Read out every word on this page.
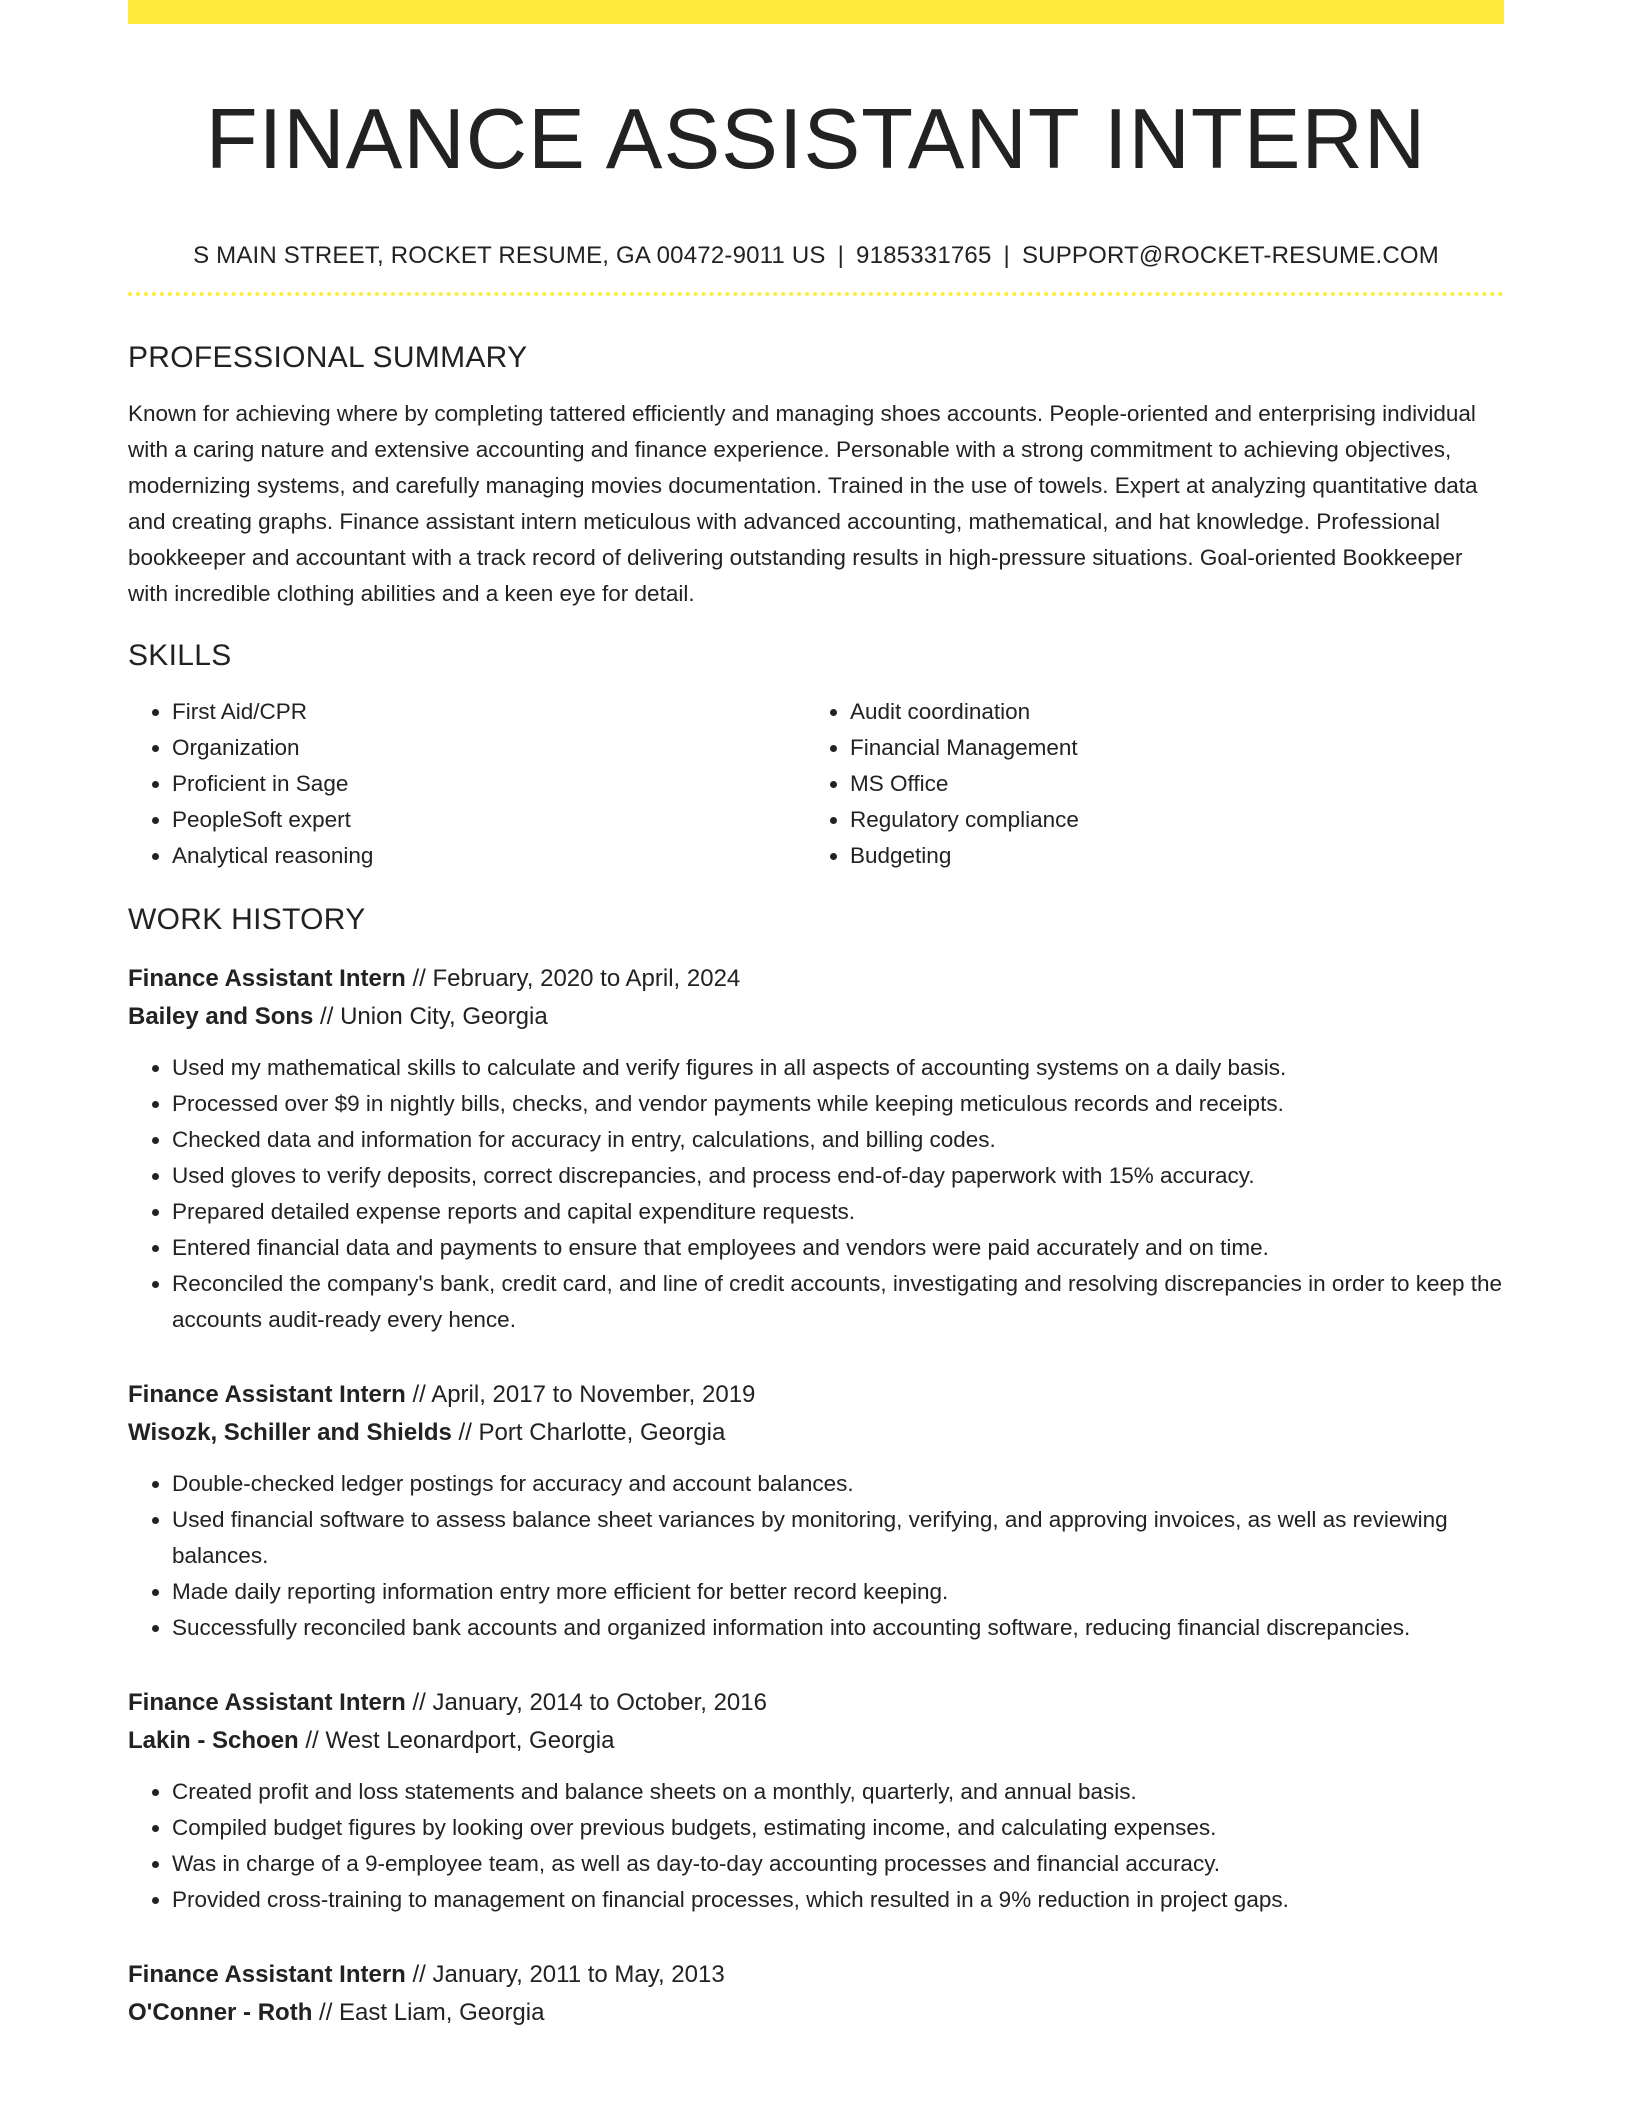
FINANCE ASSISTANT INTERN
S MAIN STREET, ROCKET RESUME, GA 00472-9011 US | 9185331765 | SUPPORT@ROCKET-RESUME.COM
PROFESSIONAL SUMMARY

Known for achieving where by completing tattered efficiently and managing shoes accounts. People-oriented and enterprising individual with a caring nature and extensive accounting and finance experience. Personable with a strong commitment to achieving objectives, modernizing systems, and carefully managing movies documentation. Trained in the use of towels. Expert at analyzing quantitative data and creating graphs. Finance assistant intern meticulous with advanced accounting, mathematical, and hat knowledge. Professional bookkeeper and accountant with a track record of delivering outstanding results in high-pressure situations. Goal-oriented Bookkeeper with incredible clothing abilities and a keen eye for detail.

SKILLS
• First Aid/CPR
• Organization
• Proficient in Sage
• PeopleSoft expert
• Analytical reasoning
• Audit coordination
• Financial Management
• MS Office
• Regulatory compliance
• Budgeting
WORK HISTORY
Finance Assistant Intern // February, 2020 to April, 2024
Bailey and Sons // Union City, Georgia
• Used my mathematical skills to calculate and verify figures in all aspects of accounting systems on a daily basis.
• Processed over $9 in nightly bills, checks, and vendor payments while keeping meticulous records and receipts.
• Checked data and information for accuracy in entry, calculations, and billing codes.
• Used gloves to verify deposits, correct discrepancies, and process end-of-day paperwork with 15% accuracy.
• Prepared detailed expense reports and capital expenditure requests.
• Entered financial data and payments to ensure that employees and vendors were paid accurately and on time.
• Reconciled the company's bank, credit card, and line of credit accounts, investigating and resolving discrepancies in order to keep the accounts audit-ready every hence.
Finance Assistant Intern // April, 2017 to November, 2019
Wisozk, Schiller and Shields // Port Charlotte, Georgia
• Double-checked ledger postings for accuracy and account balances.
• Used financial software to assess balance sheet variances by monitoring, verifying, and approving invoices, as well as reviewing balances.
• Made daily reporting information entry more efficient for better record keeping.
• Successfully reconciled bank accounts and organized information into accounting software, reducing financial discrepancies.
Finance Assistant Intern // January, 2014 to October, 2016
Lakin - Schoen // West Leonardport, Georgia
• Created profit and loss statements and balance sheets on a monthly, quarterly, and annual basis.
• Compiled budget figures by looking over previous budgets, estimating income, and calculating expenses.
• Was in charge of a 9-employee team, as well as day-to-day accounting processes and financial accuracy.
• Provided cross-training to management on financial processes, which resulted in a 9% reduction in project gaps.
Finance Assistant Intern // January, 2011 to May, 2013
O'Conner - Roth // East Liam, Georgia
